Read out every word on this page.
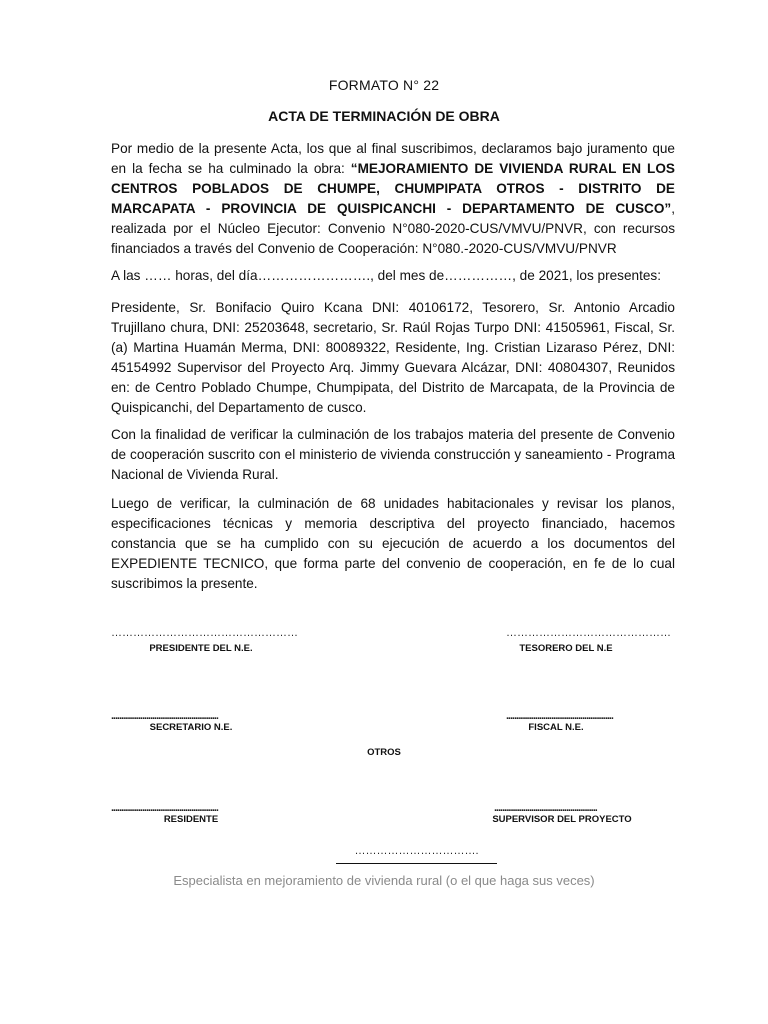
FORMATO N° 22
ACTA DE TERMINACIÓN DE OBRA
Por medio de la presente Acta, los que al final suscribimos, declaramos bajo juramento que en la fecha se ha culminado la obra: “MEJORAMIENTO DE VIVIENDA RURAL EN LOS CENTROS POBLADOS DE CHUMPE, CHUMPIPATA OTROS - DISTRITO DE MARCAPATA - PROVINCIA DE QUISPICANCHI - DEPARTAMENTO DE CUSCO”, realizada por el Núcleo Ejecutor: Convenio N°080-2020-CUS/VMVU/PNVR, con recursos financiados a través del Convenio de Cooperación: N°080.-2020-CUS/VMVU/PNVR
A las …… horas, del día……………………., del mes de……………, de 2021, los presentes:
Presidente, Sr. Bonifacio Quiro Kcana DNI: 40106172, Tesorero, Sr. Antonio Arcadio Trujillano chura, DNI: 25203648, secretario, Sr. Raúl Rojas Turpo DNI: 41505961, Fiscal, Sr. (a) Martina Huamán Merma, DNI: 80089322, Residente, Ing. Cristian Lizaraso Pérez, DNI: 45154992 Supervisor del Proyecto Arq. Jimmy Guevara Alcázar, DNI: 40804307, Reunidos en: de Centro Poblado Chumpe, Chumpipata, del Distrito de Marcapata, de la Provincia de Quispicanchi, del Departamento de cusco.
Con la finalidad de verificar la culminación de los trabajos materia del presente de Convenio de cooperación suscrito con el ministerio de vivienda construcción y saneamiento - Programa Nacional de Vivienda Rural.
Luego de verificar, la culminación de 68 unidades habitacionales y revisar los planos, especificaciones técnicas y memoria descriptiva del proyecto financiado, hacemos constancia que se ha cumplido con su ejecución de acuerdo a los documentos del EXPEDIENTE TECNICO, que forma parte del convenio de cooperación, en fe de lo cual suscribimos la presente.
……………………………………………
PRESIDENTE DEL N.E.
………………………………………
TESORERO DEL N.E
....................................................
SECRETARIO N.E.
....................................................
FISCAL N.E.
OTROS
....................................................
RESIDENTE
..................................................
SUPERVISOR DEL PROYECTO
…………………………….
Especialista en mejoramiento de vivienda rural (o el que haga sus veces)
